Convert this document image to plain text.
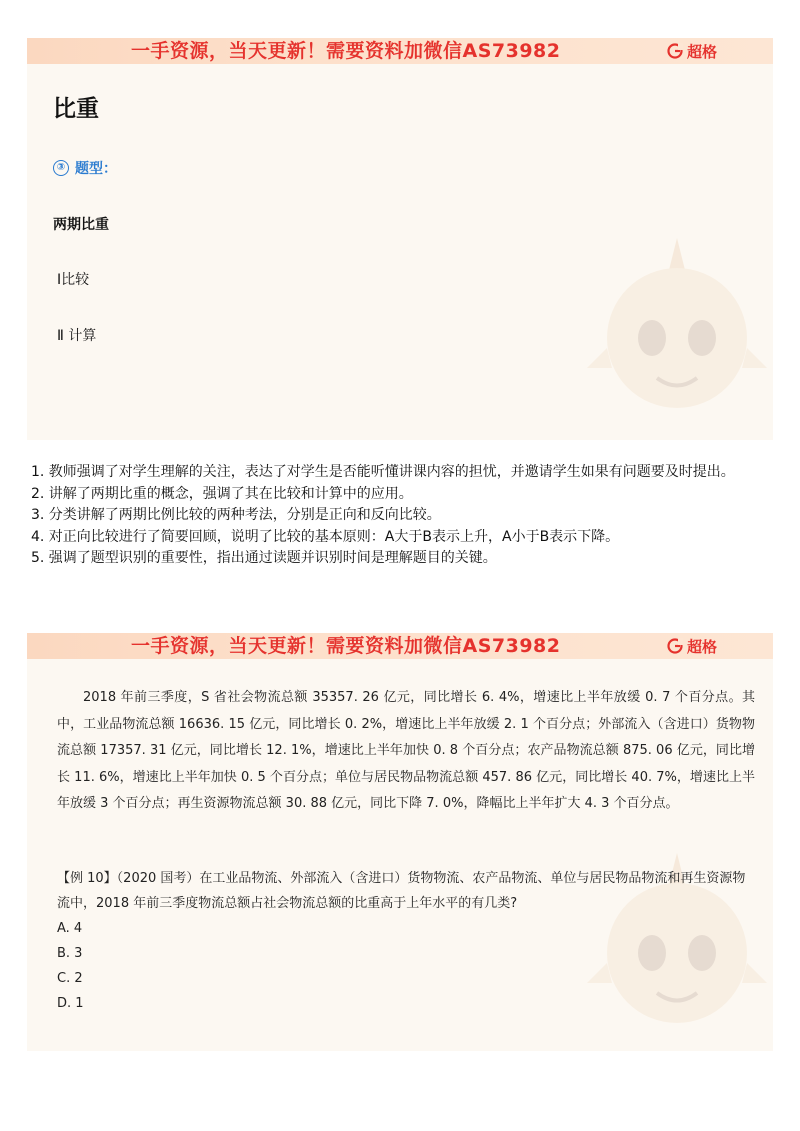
一手资源，当天更新！需要资料加微信AS73982	超格
比重
③ 题型：
两期比重
Ⅰ比较
Ⅱ 计算
1. 教师强调了对学生理解的关注，表达了对学生是否能听懂讲课内容的担忧，并邀请学生如果有问题要及时提出。
2. 讲解了两期比重的概念，强调了其在比较和计算中的应用。
3. 分类讲解了两期比例比较的两种考法，分别是正向和反向比较。
4. 对正向比较进行了简要回顾，说明了比较的基本原则：A大于B表示上升，A小于B表示下降。
5. 强调了题型识别的重要性，指出通过读题并识别时间是理解题目的关键。
一手资源，当天更新！需要资料加微信AS73982	超格
2018 年前三季度，S 省社会物流总额 35357. 26 亿元，同比增长 6. 4%，增速比上半年放缓 0. 7 个百分点。其中，工业品物流总额 16636. 15 亿元，同比增长 0. 2%，增速比上半年放缓 2. 1 个百分点；外部流入（含进口）货物物流总额 17357. 31 亿元，同比增长 12. 1%，增速比上半年加快 0. 8 个百分点；农产品物流总额 875. 06 亿元，同比增长 11. 6%，增速比上半年加快 0. 5 个百分点；单位与居民物品物流总额 457. 86 亿元，同比增长 40. 7%，增速比上半年放缓 3 个百分点；再生资源物流总额 30. 88 亿元，同比下降 7. 0%，降幅比上半年扩大 4. 3 个百分点。
【例 10】（2020 国考）在工业品物流、外部流入（含进口）货物物流、农产品物流、单位与居民物品物流和再生资源物流中，2018 年前三季度物流总额占社会物流总额的比重高于上年水平的有几类?
A. 4
B. 3
C. 2
D. 1
